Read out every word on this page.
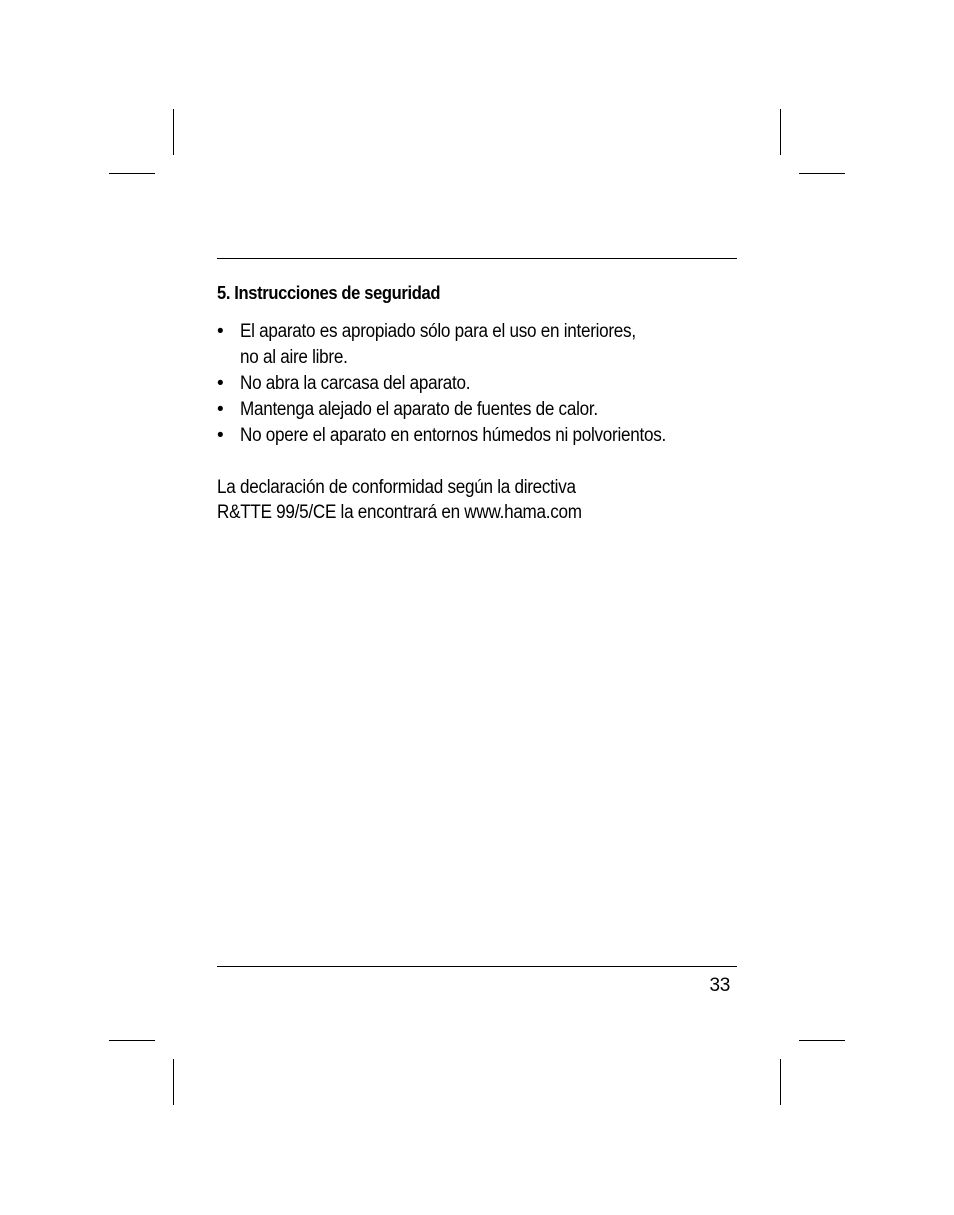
5. Instrucciones de seguridad
• El aparato es apropiado sólo para el uso en interiores,
no al aire libre.
• No abra la carcasa del aparato.
• Mantenga alejado el aparato de fuentes de calor.
• No opere el aparato en entornos húmedos ni polvorientos.
La declaración de conformidad según la directiva
R&TTE 99/5/CE la encontrará en www.hama.com
33
